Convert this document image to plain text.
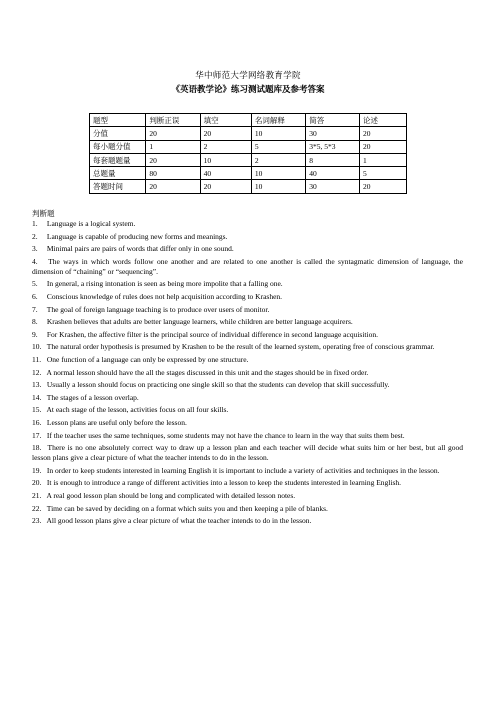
华中师范大学网络教育学院
《英语教学论》练习测试题库及参考答案
题型	判断正误	填空	名词解释	简答	论述
分值	20	20	10	30	20
每小题分值	1	2	5	3*5, 5*3	20
每套题题量	20	10	2	8	1
总题量	80	40	10	40	5
答题时间	20	20	10	30	20
判断题
1. Language is a logical system.
2. Language is capable of producing new forms and meanings.
3. Minimal pairs are pairs of words that differ only in one sound.
4. The ways in which words follow one another and are related to one another is called the syntagmatic dimension of language, the dimension of “chaining” or “sequencing”.
5. In general, a rising intonation is seen as being more impolite that a falling one.
6. Conscious knowledge of rules does not help acquisition according to Krashen.
7. The goal of foreign language teaching is to produce over users of monitor.
8. Krashen believes that adults are better language learners, while children are better language acquirers.
9. For Krashen, the affective filter is the principal source of individual difference in second language acquisition.
10. The natural order hypothesis is presumed by Krashen to be the result of the learned system, operating free of conscious grammar.
11. One function of a language can only be expressed by one structure.
12. A normal lesson should have the all the stages discussed in this unit and the stages should be in fixed order.
13. Usually a lesson should focus on practicing one single skill so that the students can develop that skill successfully.
14. The stages of a lesson overlap.
15. At each stage of the lesson, activities focus on all four skills.
16. Lesson plans are useful only before the lesson.
17. If the teacher uses the same techniques, some students may not have the chance to learn in the way that suits them best.
18. There is no one absolutely correct way to draw up a lesson plan and each teacher will decide what suits him or her best, but all good lesson plans give a clear picture of what the teacher intends to do in the lesson.
19. In order to keep students interested in learning English it is important to include a variety of activities and techniques in the lesson.
20. It is enough to introduce a range of different activities into a lesson to keep the students interested in learning English.
21. A real good lesson plan should be long and complicated with detailed lesson notes.
22. Time can be saved by deciding on a format which suits you and then keeping a pile of blanks.
23. All good lesson plans give a clear picture of what the teacher intends to do in the lesson.
